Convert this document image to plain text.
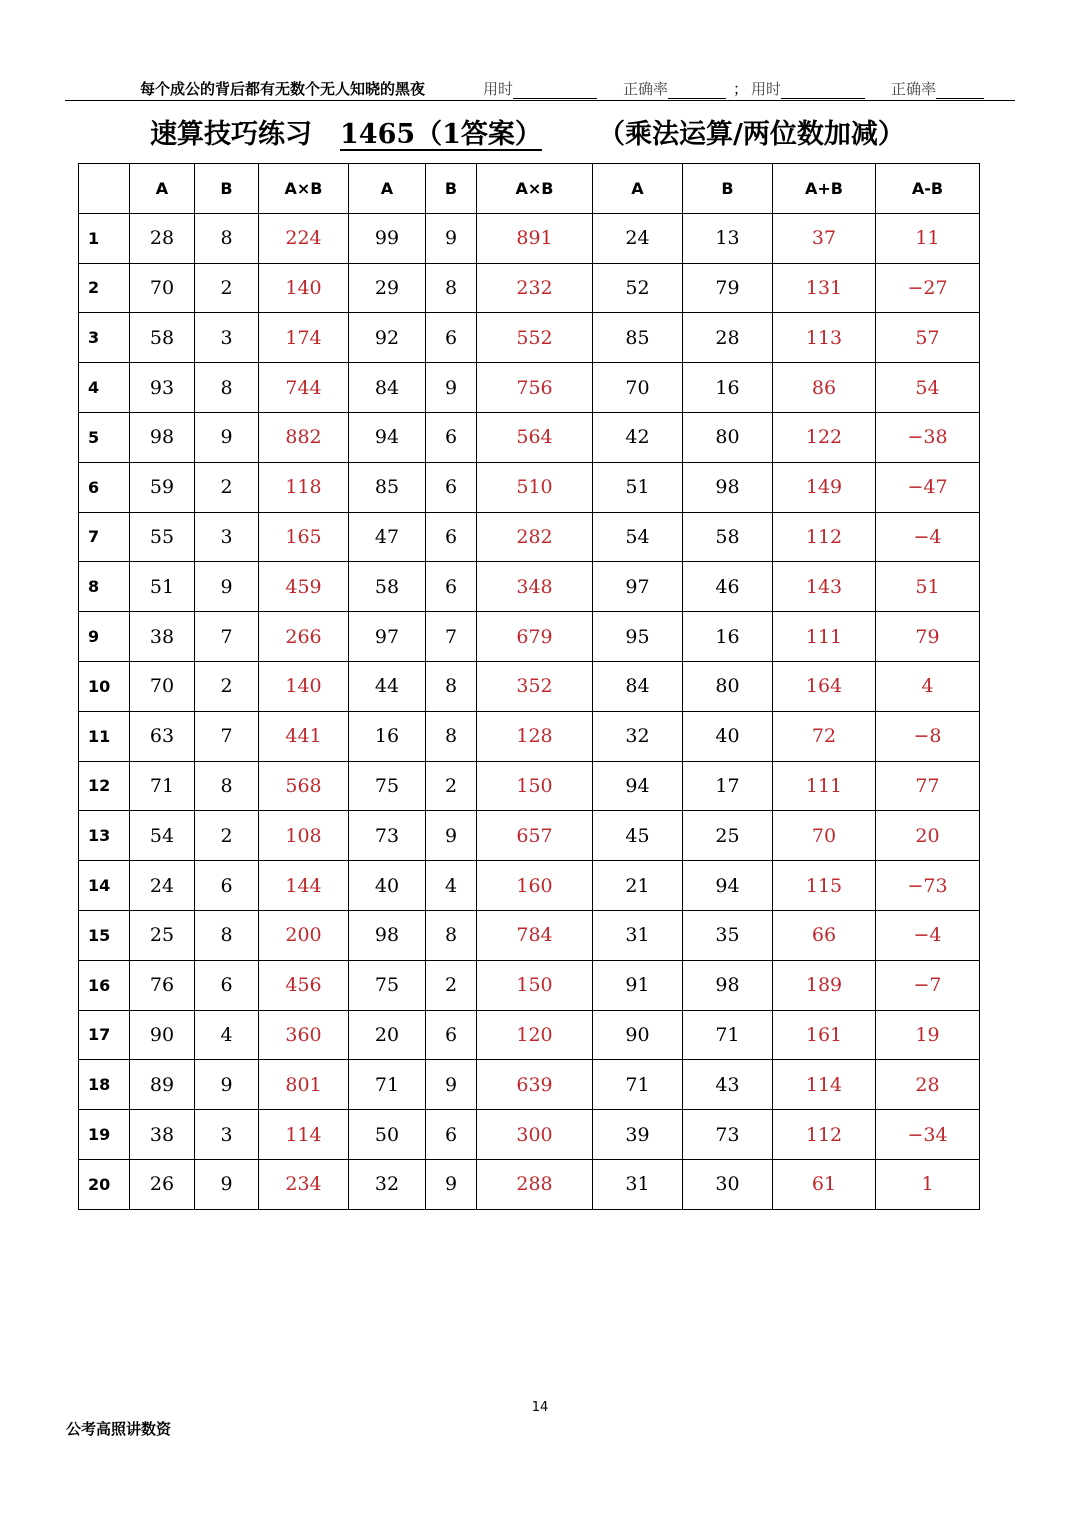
每个成公的背后都有无数个无人知晓的黑夜	用时	正确率	； 用时	正确率
速算技巧练习 1465（1答案） （乘法运算/两位数加减）
	A	B	A×B	A	B	A×B	A	B	A+B	A-B
1	28	8	224	99	9	891	24	13	37	11
2	70	2	140	29	8	232	52	79	131	−27
3	58	3	174	92	6	552	85	28	113	57
4	93	8	744	84	9	756	70	16	86	54
5	98	9	882	94	6	564	42	80	122	−38
6	59	2	118	85	6	510	51	98	149	−47
7	55	3	165	47	6	282	54	58	112	−4
8	51	9	459	58	6	348	97	46	143	51
9	38	7	266	97	7	679	95	16	111	79
10	70	2	140	44	8	352	84	80	164	4
11	63	7	441	16	8	128	32	40	72	−8
12	71	8	568	75	2	150	94	17	111	77
13	54	2	108	73	9	657	45	25	70	20
14	24	6	144	40	4	160	21	94	115	−73
15	25	8	200	98	8	784	31	35	66	−4
16	76	6	456	75	2	150	91	98	189	−7
17	90	4	360	20	6	120	90	71	161	19
18	89	9	801	71	9	639	71	43	114	28
19	38	3	114	50	6	300	39	73	112	−34
20	26	9	234	32	9	288	31	30	61	1
14
公考高照讲数资
